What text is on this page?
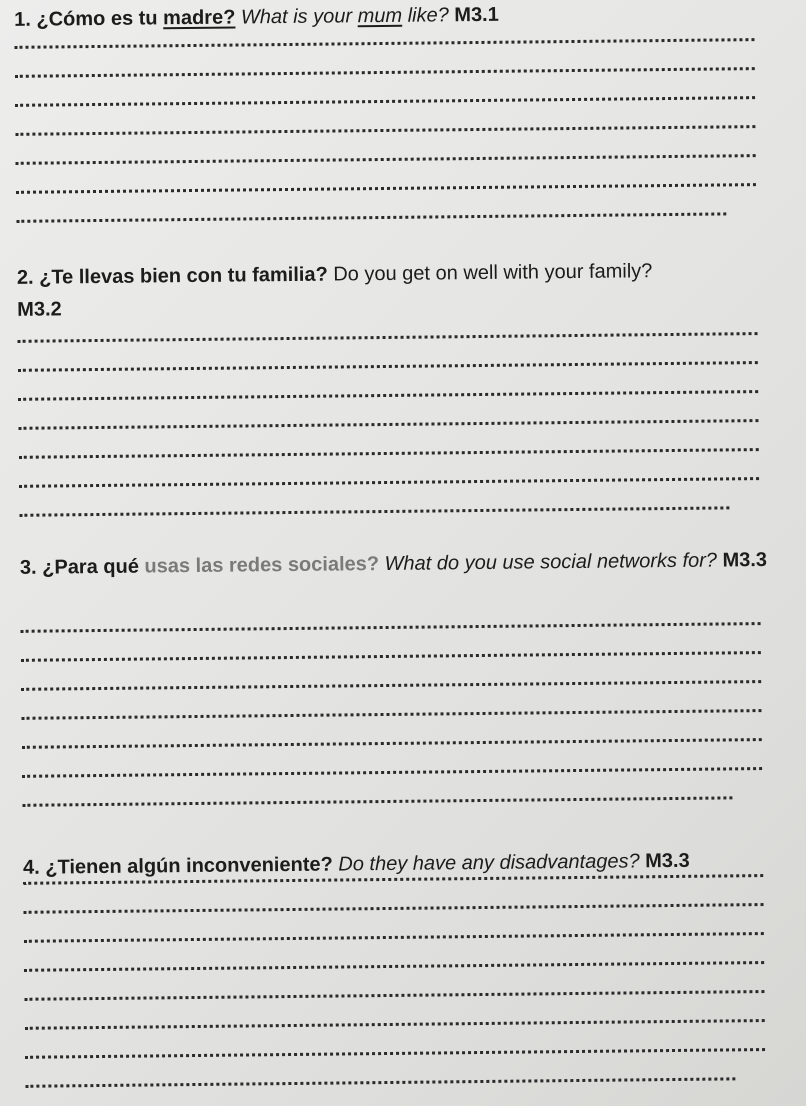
1. ¿Cómo es tu madre? What is your mum like? M3.1
2. ¿Te llevas bien con tu familia? Do you get on well with your family?
M3.2
3. ¿Para qué usas las redes sociales? What do you use social networks for? M3.3
4. ¿Tienen algún inconveniente? Do they have any disadvantages? M3.3
